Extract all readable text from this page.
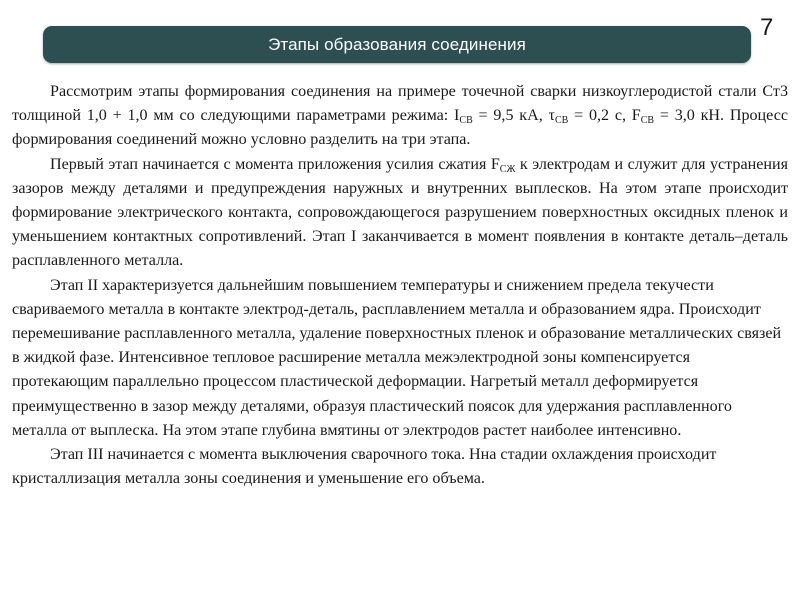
Этапы образования соединения
7

Рассмотрим этапы формирования соединения на примере точечной сварки низкоуглеродистой стали Ст3 толщиной 1,0 + 1,0 мм со следующими параметрами режима: $I_{СВ} = 9,5$ кА, $\tau_{СВ} = 0,2$ с, $F_{СВ} = 3,0$ кН. Процесс формирования соединений можно условно разделить на три этапа.

Первый этап начинается с момента приложения усилия сжатия $F_{СЖ}$ к электродам и служит для устранения зазоров между деталями и предупреждения наружных и внутренних выплесков. На этом этапе происходит формирование электрического контакта, сопровождающегося разрушением поверхностных оксидных пленок и уменьшением контактных сопротивлений. Этап I заканчивается в момент появления в контакте деталь–деталь расплавленного металла.

Этап II характеризуется дальнейшим повышением температуры и снижением предела текучести свариваемого металла в контакте электрод-деталь, расплавлением металла и образованием ядра. Происходит перемешивание расплавленного металла, удаление поверхностных пленок и образование металлических связей в жидкой фазе. Интенсивное тепловое расширение металла межэлектродной зоны компенсируется протекающим параллельно процессом пластической деформации. Нагретый металл деформируется преимущественно в зазор между деталями, образуя пластический поясок для удержания расплавленного металла от выплеска. На этом этапе глубина вмятины от электродов растет наиболее интенсивно.

Этап III начинается с момента выключения сварочного тока. Нна стадии охлаждения происходит кристаллизация металла зоны соединения и уменьшение его объема.
